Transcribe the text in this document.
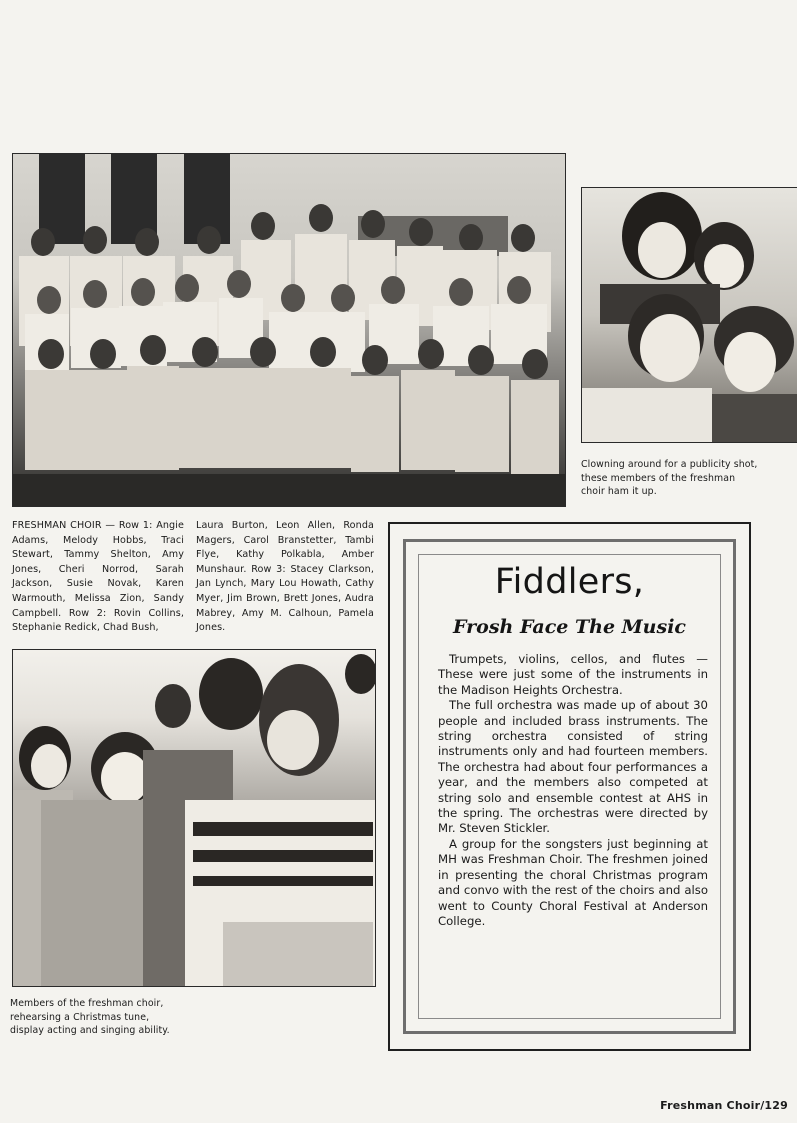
Clowning around for a publicity shot, these members of the freshman choir ham it up.
FRESHMAN CHOIR — Row 1: Angie Adams, Melody Hobbs, Traci Stewart, Tammy Shelton, Amy Jones, Cheri Norrod, Sarah Jackson, Susie Novak, Karen Warmouth, Melissa Zion, Sandy Campbell. Row 2: Rovin Collins, Stephanie Redick, Chad Bush,
Laura Burton, Leon Allen, Ronda Magers, Carol Branstetter, Tambi Flye, Kathy Polkabla, Amber Munshaur. Row 3: Stacey Clarkson, Jan Lynch, Mary Lou Howath, Cathy Myer, Jim Brown, Brett Jones, Audra Mabrey, Amy M. Calhoun, Pamela Jones.
Members of the freshman choir, rehearsing a Christmas tune, display acting and singing ability.
Fiddlers,
Frosh Face The Music

Trumpets, violins, cellos, and flutes — These were just some of the instruments in the Madison Heights Orchestra.

The full orchestra was made up of about 30 people and included brass instruments. The string orchestra consisted of string instruments only and had fourteen members. The orchestra had about four performances a year, and the members also competed at string solo and ensemble contest at AHS in the spring. The orchestras were directed by Mr. Steven Stickler.

A group for the songsters just beginning at MH was Freshman Choir. The freshmen joined in presenting the choral Christmas program and convo with the rest of the choirs and also went to County Choral Festival at Anderson College.

Freshman Choir/129
